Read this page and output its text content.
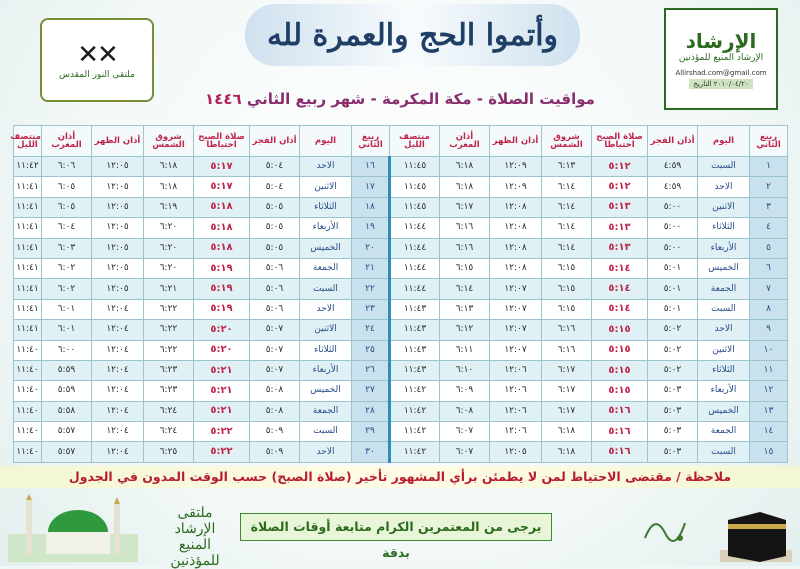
✕✕
ملتقى النور المقدس
وأتموا الحج والعمرة لله	الإرشاد
الإرشاد المنيع للمؤذنين
Allirshad.com@gmail.com
٢٠١٠/٠٤/٢٠ التاريخ
مواقيت الصلاة - مكة المكرمة - شهر ربيع الثاني ١٤٤٦
ربيع الثاني	اليوم	أذان الفجر	صلاة الصبح احتياطا	شروق الشمس	أذان الظهر	أذان المغرب	منتصف الليل	ربيع الثاني	اليوم	أذان الفجر	صلاة الصبح احتياطا	شروق الشمس	أذان الظهر	أذان المغرب	منتصف الليل
١	السبت	٤:٥٩	٥:١٢	٦:١٣	١٢:٠٩	٦:١٨	١١:٤٥	١٦	الاحد	٥:٠٤	٥:١٧	٦:١٨	١٢:٠٥	٦:٠٦	١١:٤٢
٢	الاحد	٤:٥٩	٥:١٢	٦:١٤	١٢:٠٩	٦:١٨	١١:٤٥	١٧	الاثنين	٥:٠٤	٥:١٧	٦:١٨	١٢:٠٥	٦:٠٥	١١:٤١
٣	الاثنين	٥:٠٠	٥:١٣	٦:١٤	١٢:٠٨	٦:١٧	١١:٤٥	١٨	الثلاثاء	٥:٠٥	٥:١٨	٦:١٩	١٢:٠٥	٦:٠٥	١١:٤١
٤	الثلاثاء	٥:٠٠	٥:١٣	٦:١٤	١٢:٠٨	٦:١٦	١١:٤٤	١٩	الأربعاء	٥:٠٥	٥:١٨	٦:٢٠	١٢:٠٥	٦:٠٤	١١:٤١
٥	الأربعاء	٥:٠٠	٥:١٣	٦:١٤	١٢:٠٨	٦:١٦	١١:٤٤	٢٠	الخميس	٥:٠٥	٥:١٨	٦:٢٠	١٢:٠٥	٦:٠٣	١١:٤١
٦	الخميس	٥:٠١	٥:١٤	٦:١٥	١٢:٠٨	٦:١٥	١١:٤٤	٢١	الجمعة	٥:٠٦	٥:١٩	٦:٢٠	١٢:٠٥	٦:٠٢	١١:٤١
٧	الجمعة	٥:٠١	٥:١٤	٦:١٥	١٢:٠٧	٦:١٤	١١:٤٤	٢٢	السبت	٥:٠٦	٥:١٩	٦:٢١	١٢:٠٥	٦:٠٢	١١:٤١
٨	السبت	٥:٠١	٥:١٤	٦:١٥	١٢:٠٧	٦:١٣	١١:٤٣	٢٣	الاحد	٥:٠٦	٥:١٩	٦:٢٢	١٢:٠٤	٦:٠١	١١:٤١
٩	الاحد	٥:٠٢	٥:١٥	٦:١٦	١٢:٠٧	٦:١٢	١١:٤٣	٢٤	الاثنين	٥:٠٧	٥:٢٠	٦:٢٢	١٢:٠٤	٦:٠١	١١:٤١
١٠	الاثنين	٥:٠٢	٥:١٥	٦:١٦	١٢:٠٧	٦:١١	١١:٤٣	٢٥	الثلاثاء	٥:٠٧	٥:٢٠	٦:٢٢	١٢:٠٤	٦:٠٠	١١:٤٠
١١	الثلاثاء	٥:٠٢	٥:١٥	٦:١٧	١٢:٠٦	٦:١٠	١١:٤٣	٢٦	الأربعاء	٥:٠٧	٥:٢١	٦:٢٣	١٢:٠٤	٥:٥٩	١١:٤٠
١٢	الأربعاء	٥:٠٣	٥:١٥	٦:١٧	١٢:٠٦	٦:٠٩	١١:٤٢	٢٧	الخميس	٥:٠٨	٥:٢١	٦:٢٣	١٢:٠٤	٥:٥٩	١١:٤٠
١٣	الخميس	٥:٠٣	٥:١٦	٦:١٧	١٢:٠٦	٦:٠٨	١١:٤٢	٢٨	الجمعة	٥:٠٨	٥:٢١	٦:٢٤	١٢:٠٤	٥:٥٨	١١:٤٠
١٤	الجمعة	٥:٠٣	٥:١٦	٦:١٨	١٢:٠٦	٦:٠٧	١١:٤٢	٢٩	السبت	٥:٠٩	٥:٢٢	٦:٢٤	١٢:٠٤	٥:٥٧	١١:٤٠
١٥	السبت	٥:٠٣	٥:١٦	٦:١٨	١٢:٠٥	٦:٠٧	١١:٤٢	٣٠	الاحد	٥:٠٩	٥:٢٢	٦:٢٥	١٢:٠٤	٥:٥٧	١١:٤٠
ملاحظة / مقتضى الاحتياط لمن لا يطمئن برأي المشهور تأخير (صلاة الصبح) حسب الوقت المدون في الجدول
ملتقى الإرشاد المنيع للمؤذنين
يرجى من المعتمرين الكرام متابعة أوقات الصلاة بدقة
